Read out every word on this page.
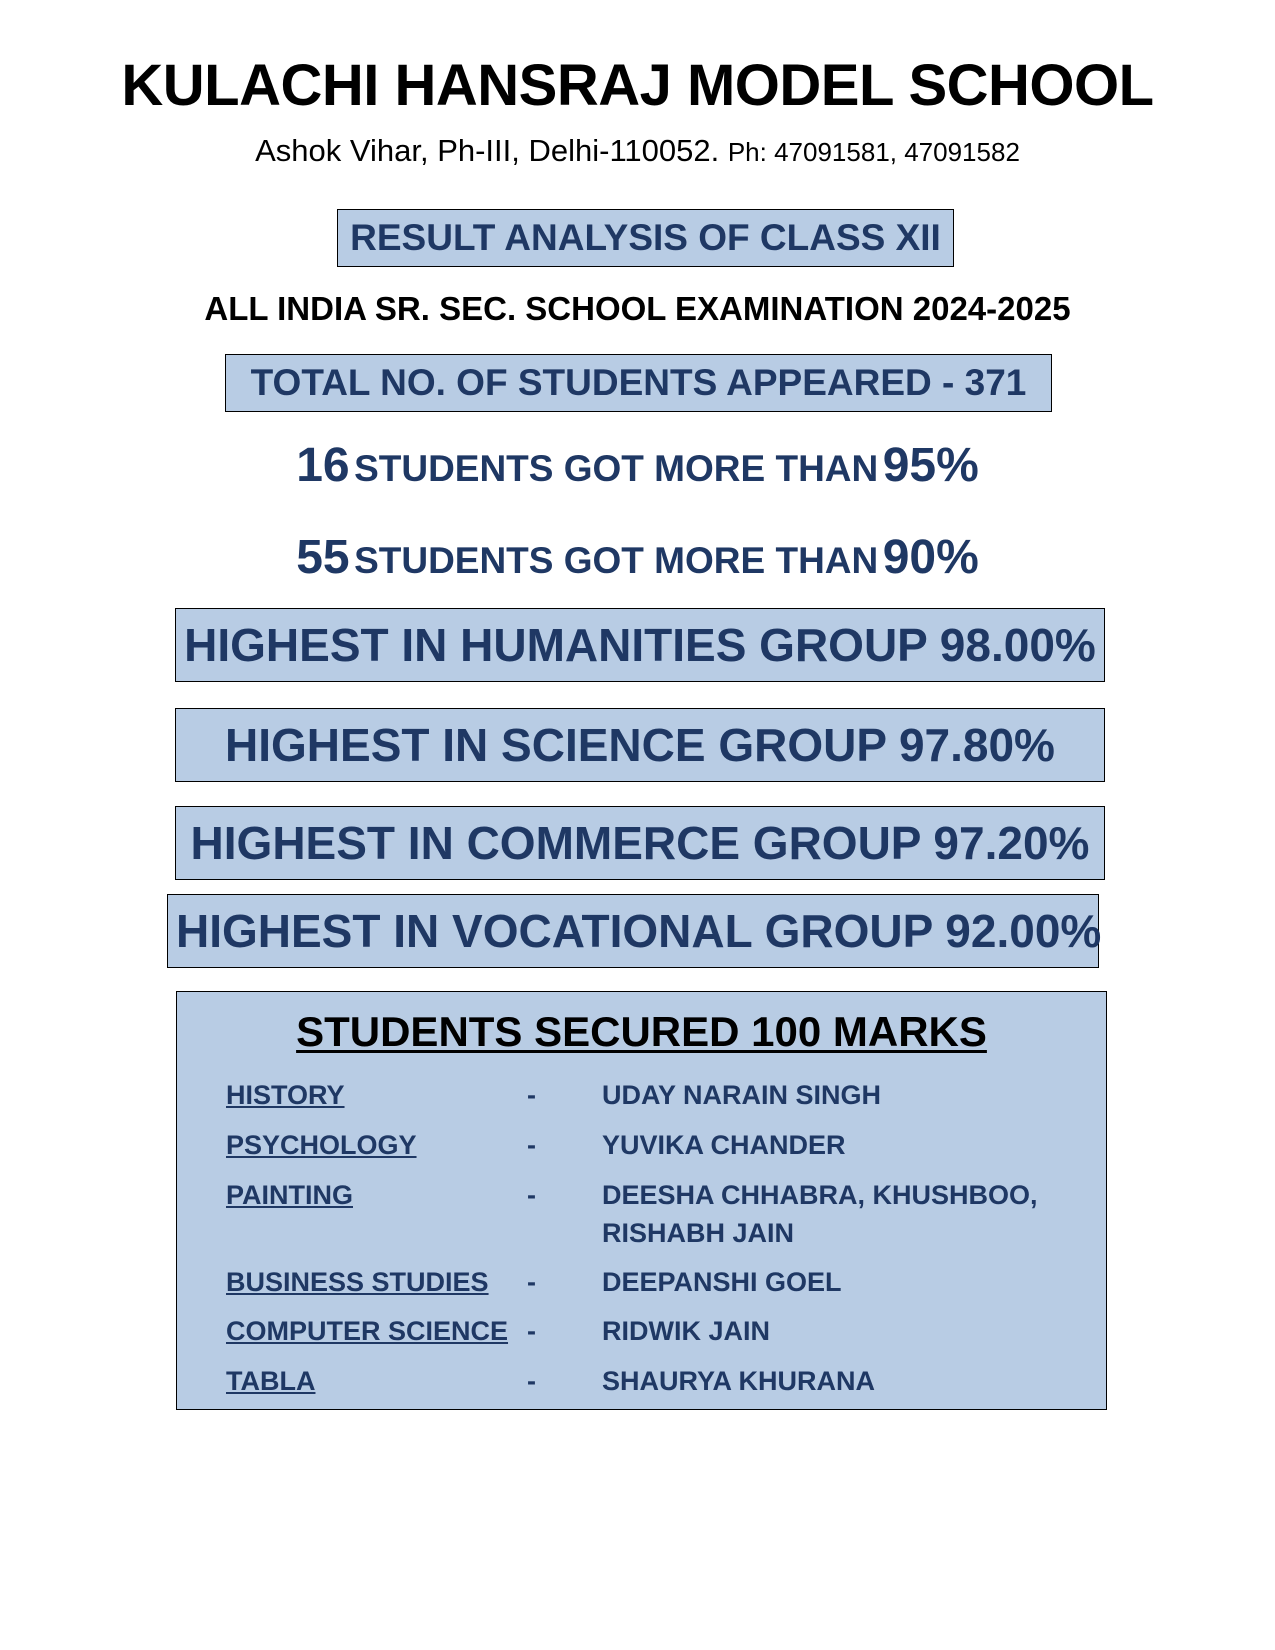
KULACHI HANSRAJ MODEL SCHOOL
Ashok Vihar, Ph-III, Delhi-110052. Ph: 47091581, 47091582
RESULT ANALYSIS OF CLASS XII
ALL INDIA SR. SEC. SCHOOL EXAMINATION 2024-2025
TOTAL NO. OF STUDENTS APPEARED - 371
16 STUDENTS GOT MORE THAN 95%
55 STUDENTS GOT MORE THAN 90%
HIGHEST IN HUMANITIES GROUP 98.00%
HIGHEST IN SCIENCE GROUP 97.80%
HIGHEST IN COMMERCE GROUP 97.20%
HIGHEST IN VOCATIONAL GROUP 92.00%
STUDENTS SECURED 100 MARKS
HISTORY	- UDAY NARAIN SINGH
PSYCHOLOGY	- YUVIKA CHANDER
PAINTING	- DEESHA CHHABRA, KHUSHBOO, RISHABH JAIN
BUSINESS STUDIES - DEEPANSHI GOEL
COMPUTER SCIENCE - RIDWIK JAIN
TABLA	- SHAURYA KHURANA
